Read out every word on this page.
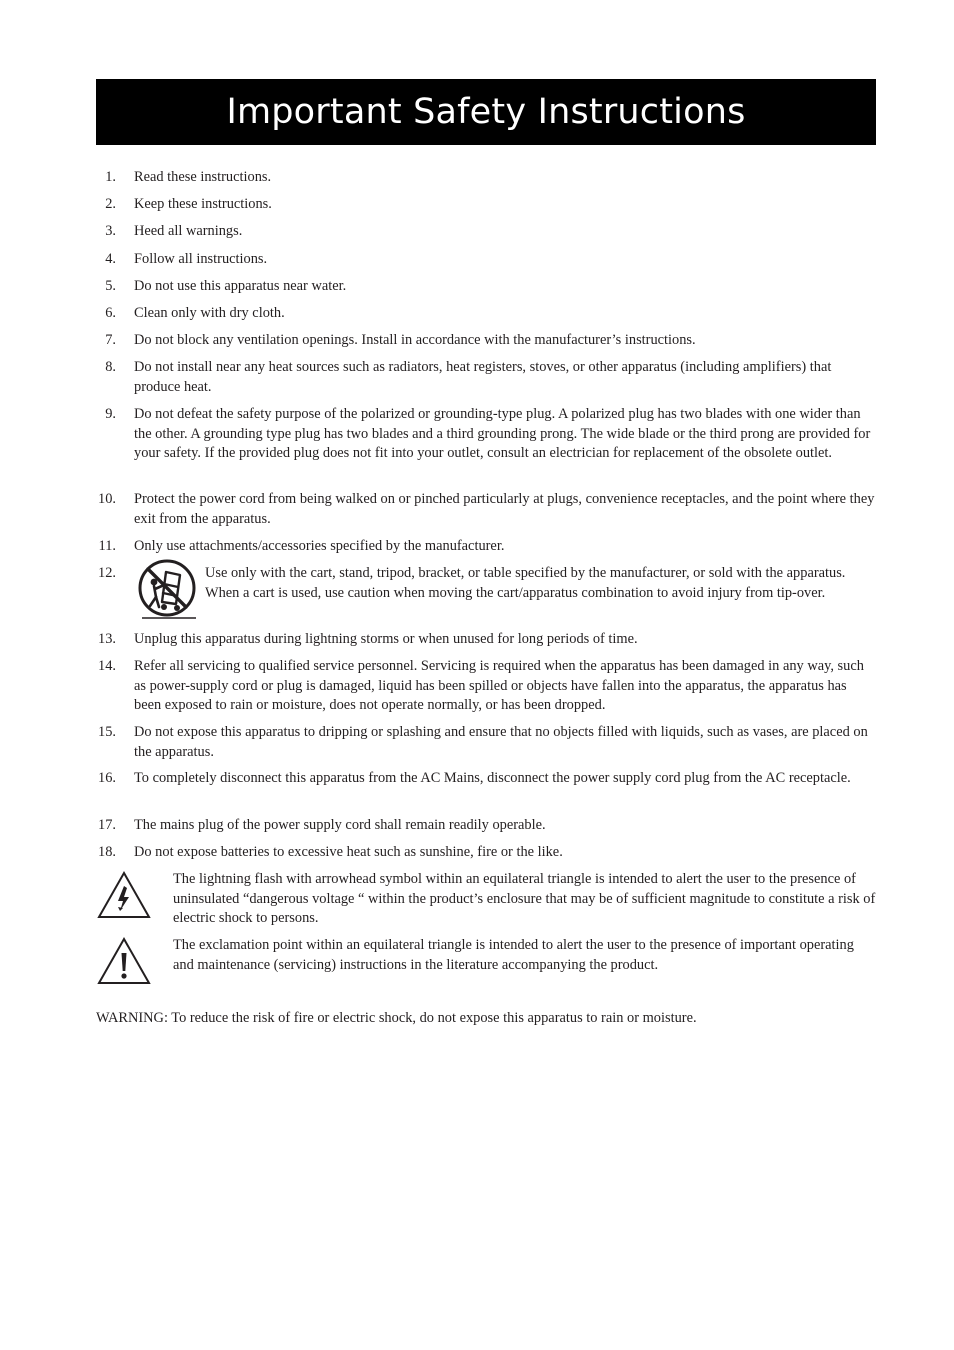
Important Safety Instructions
1. Read these instructions.
2. Keep these instructions.
3. Heed all warnings.
4. Follow all instructions.
5. Do not use this apparatus near water.
6. Clean only with dry cloth.
7. Do not block any ventilation openings. Install in accordance with the manufacturer’s instructions.
8. Do not install near any heat sources such as radiators, heat registers, stoves, or other apparatus (including amplifiers) that produce heat.
9. Do not defeat the safety purpose of the polarized or grounding-type plug. A polarized plug has two blades with one wider than the other. A grounding type plug has two blades and a third grounding prong. The wide blade or the third prong are provided for your safety. If the provided plug does not fit into your outlet, consult an electrician for replacement of the obsolete outlet.
10. Protect the power cord from being walked on or pinched particularly at plugs, convenience receptacles, and the point where they exit from the apparatus.
11. Only use attachments/accessories specified by the manufacturer.
12.	Use only with the cart, stand, tripod, bracket, or table specified by the manufacturer, or sold with the apparatus. When a cart is used, use caution when moving the cart/apparatus combination to avoid injury from tip-over.
13. Unplug this apparatus during lightning storms or when unused for long periods of time.
14. Refer all servicing to qualified service personnel. Servicing is required when the apparatus has been damaged in any way, such as power-supply cord or plug is damaged, liquid has been spilled or objects have fallen into the apparatus, the apparatus has been exposed to rain or moisture, does not operate normally, or has been dropped.
15. Do not expose this apparatus to dripping or splashing and ensure that no objects filled with liquids, such as vases, are placed on the apparatus.
16. To completely disconnect this apparatus from the AC Mains, disconnect the power supply cord plug from the AC receptacle.
17. The mains plug of the power supply cord shall remain readily operable.
18. Do not expose batteries to excessive heat such as sunshine, fire or the like.
The lightning flash with arrowhead symbol within an equilateral triangle is intended to alert the user to the presence of uninsulated “dangerous voltage “ within the product’s enclosure that may be of sufficient magnitude to constitute a risk of electric shock to persons.
The exclamation point within an equilateral triangle is intended to alert the user to the presence of important operating and maintenance (servicing) instructions in the literature accompanying the product.
WARNING: To reduce the risk of fire or electric shock, do not expose this apparatus to rain or moisture.
